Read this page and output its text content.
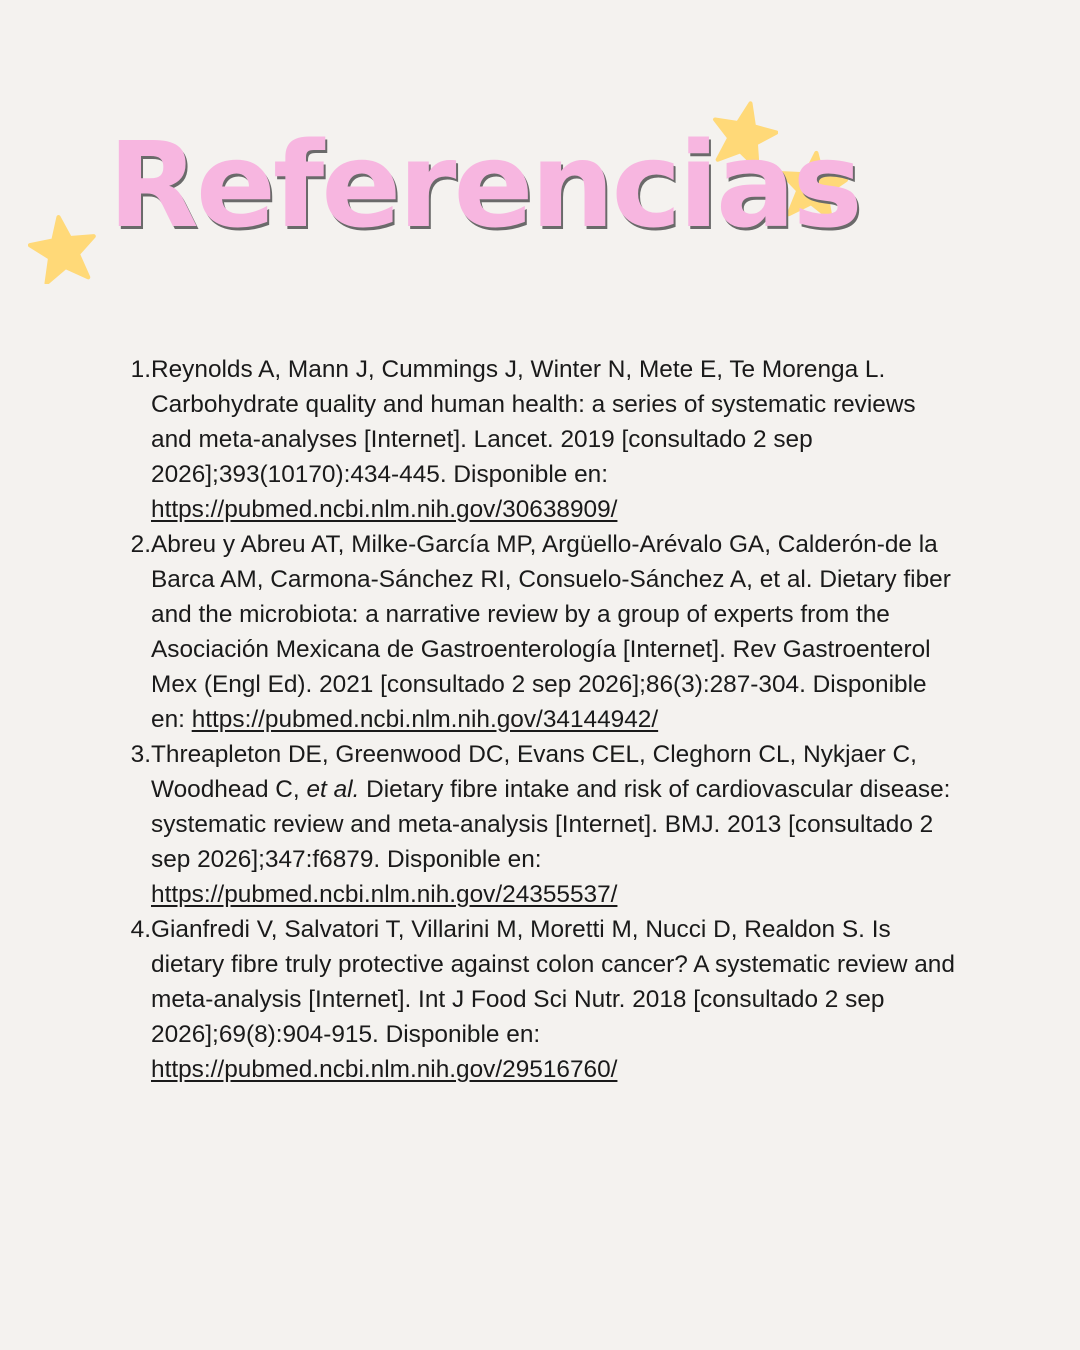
Referencias
1. Reynolds A, Mann J, Cummings J, Winter N, Mete E, Te Morenga L. Carbohydrate quality and human health: a series of systematic reviews and meta-analyses [Internet]. Lancet. 2019 [consultado 2 sep 2026];393(10170):434-445. Disponible en: https://pubmed.ncbi.nlm.nih.gov/30638909/
2. Abreu y Abreu AT, Milke-García MP, Argüello-Arévalo GA, Calderón-de la Barca AM, Carmona-Sánchez RI, Consuelo-Sánchez A, et al. Dietary fiber and the microbiota: a narrative review by a group of experts from the Asociación Mexicana de Gastroenterología [Internet]. Rev Gastroenterol Mex (Engl Ed). 2021 [consultado 2 sep 2026];86(3):287-304. Disponible en: https://pubmed.ncbi.nlm.nih.gov/34144942/
3. Threapleton DE, Greenwood DC, Evans CEL, Cleghorn CL, Nykjaer C, Woodhead C, et al. Dietary fibre intake and risk of cardiovascular disease: systematic review and meta-analysis [Internet]. BMJ. 2013 [consultado 2 sep 2026];347:f6879. Disponible en: https://pubmed.ncbi.nlm.nih.gov/24355537/
4. Gianfredi V, Salvatori T, Villarini M, Moretti M, Nucci D, Realdon S. Is dietary fibre truly protective against colon cancer? A systematic review and meta-analysis [Internet]. Int J Food Sci Nutr. 2018 [consultado 2 sep 2026];69(8):904-915. Disponible en: https://pubmed.ncbi.nlm.nih.gov/29516760/
